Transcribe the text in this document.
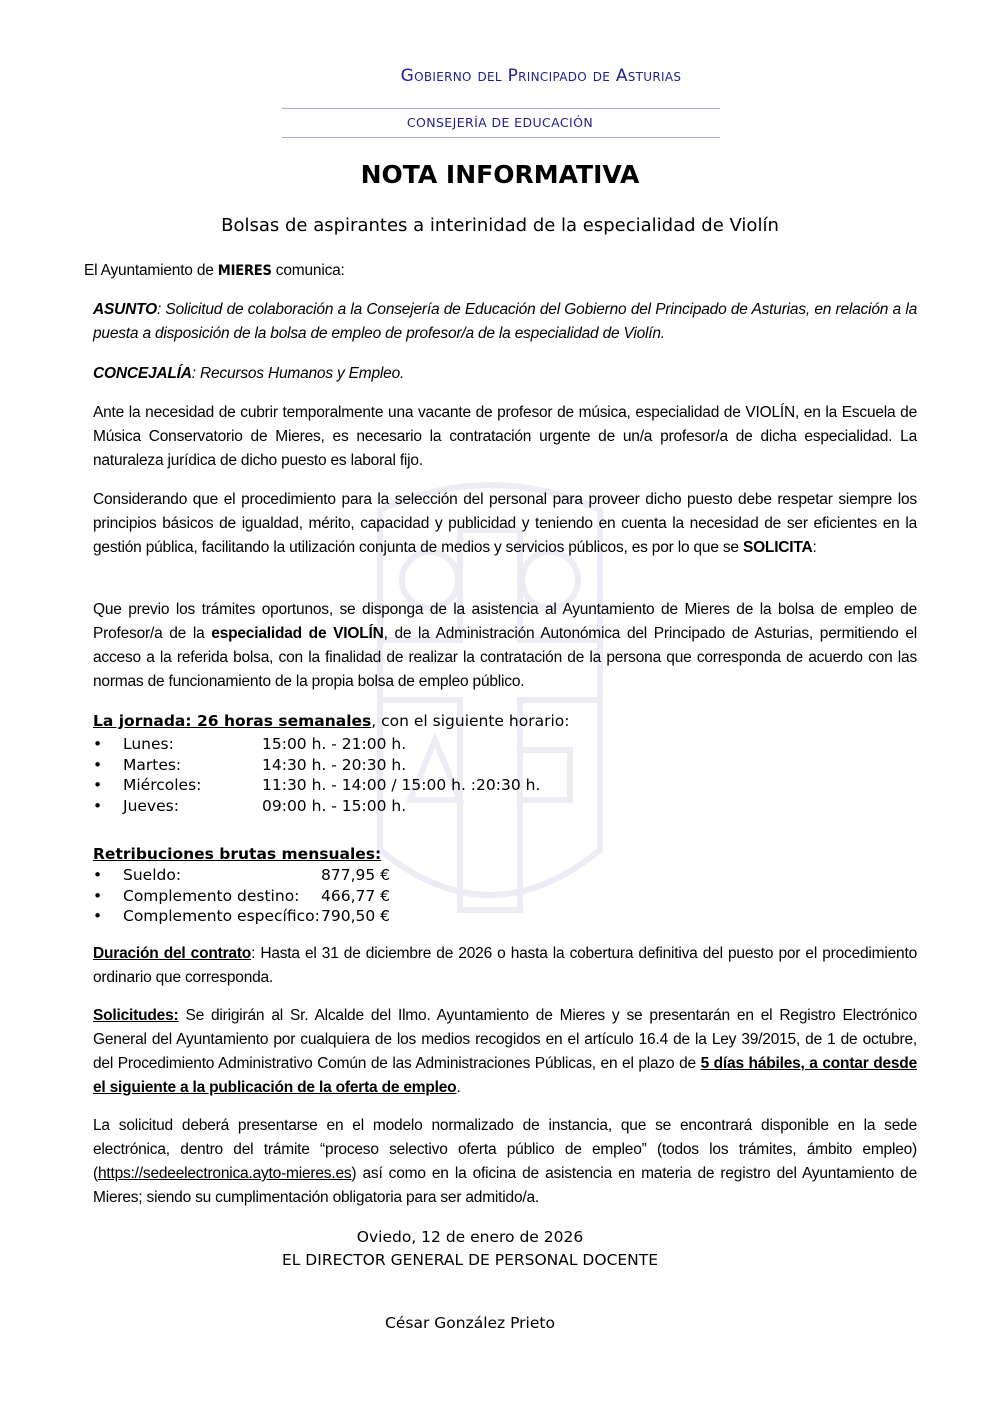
Gobierno del Principado de Asturias
CONSEJERÍA DE EDUCACIÓN
NOTA INFORMATIVA
Bolsas de aspirantes a interinidad de la especialidad de Violín
El Ayuntamiento de MIERES comunica:
ASUNTO: Solicitud de colaboración a la Consejería de Educación del Gobierno del Principado de Asturias, en relación a la puesta a disposición de la bolsa de empleo de profesor/a de la especialidad de Violín.
CONCEJALÍA: Recursos Humanos y Empleo.
Ante la necesidad de cubrir temporalmente una vacante de profesor de música, especialidad de VIOLÍN, en la Escuela de Música Conservatorio de Mieres, es necesario la contratación urgente de un/a profesor/a de dicha especialidad. La naturaleza jurídica de dicho puesto es laboral fijo.
Considerando que el procedimiento para la selección del personal para proveer dicho puesto debe respetar siempre los principios básicos de igualdad, mérito, capacidad y publicidad y teniendo en cuenta la necesidad de ser eficientes en la gestión pública, facilitando la utilización conjunta de medios y servicios públicos, es por lo que se SOLICITA:
Que previo los trámites oportunos, se disponga de la asistencia al Ayuntamiento de Mieres de la bolsa de empleo de Profesor/a de la especialidad de VIOLÍN, de la Administración Autonómica del Principado de Asturias, permitiendo el acceso a la referida bolsa, con la finalidad de realizar la contratación de la persona que corresponda de acuerdo con las normas de funcionamiento de la propia bolsa de empleo público.
La jornada: 26 horas semanales, con el siguiente horario:
•	Lunes:	15:00 h. - 21:00 h.
•	Martes:	14:30 h. - 20:30 h.
•	Miércoles:	11:30 h. - 14:00 / 15:00 h. :20:30 h.
•	Jueves:	09:00 h. - 15:00 h.
Retribuciones brutas mensuales:
•	Sueldo:	877,95 €
•	Complemento destino:	466,77 €
•	Complemento específico: 790,50 €
Duración del contrato: Hasta el 31 de diciembre de 2026 o hasta la cobertura definitiva del puesto por el procedimiento ordinario que corresponda.
Solicitudes: Se dirigirán al Sr. Alcalde del Ilmo. Ayuntamiento de Mieres y se presentarán en el Registro Electrónico General del Ayuntamiento por cualquiera de los medios recogidos en el artículo 16.4 de la Ley 39/2015, de 1 de octubre, del Procedimiento Administrativo Común de las Administraciones Públicas, en el plazo de 5 días hábiles, a contar desde el siguiente a la publicación de la oferta de empleo.
La solicitud deberá presentarse en el modelo normalizado de instancia, que se encontrará disponible en la sede electrónica, dentro del trámite “proceso selectivo oferta público de empleo” (todos los trámites, ámbito empleo) (https://sedeelectronica.ayto-mieres.es) así como en la oficina de asistencia en materia de registro del Ayuntamiento de Mieres; siendo su cumplimentación obligatoria para ser admitido/a.
Oviedo, 12 de enero de 2026
EL DIRECTOR GENERAL DE PERSONAL DOCENTE
César González Prieto
